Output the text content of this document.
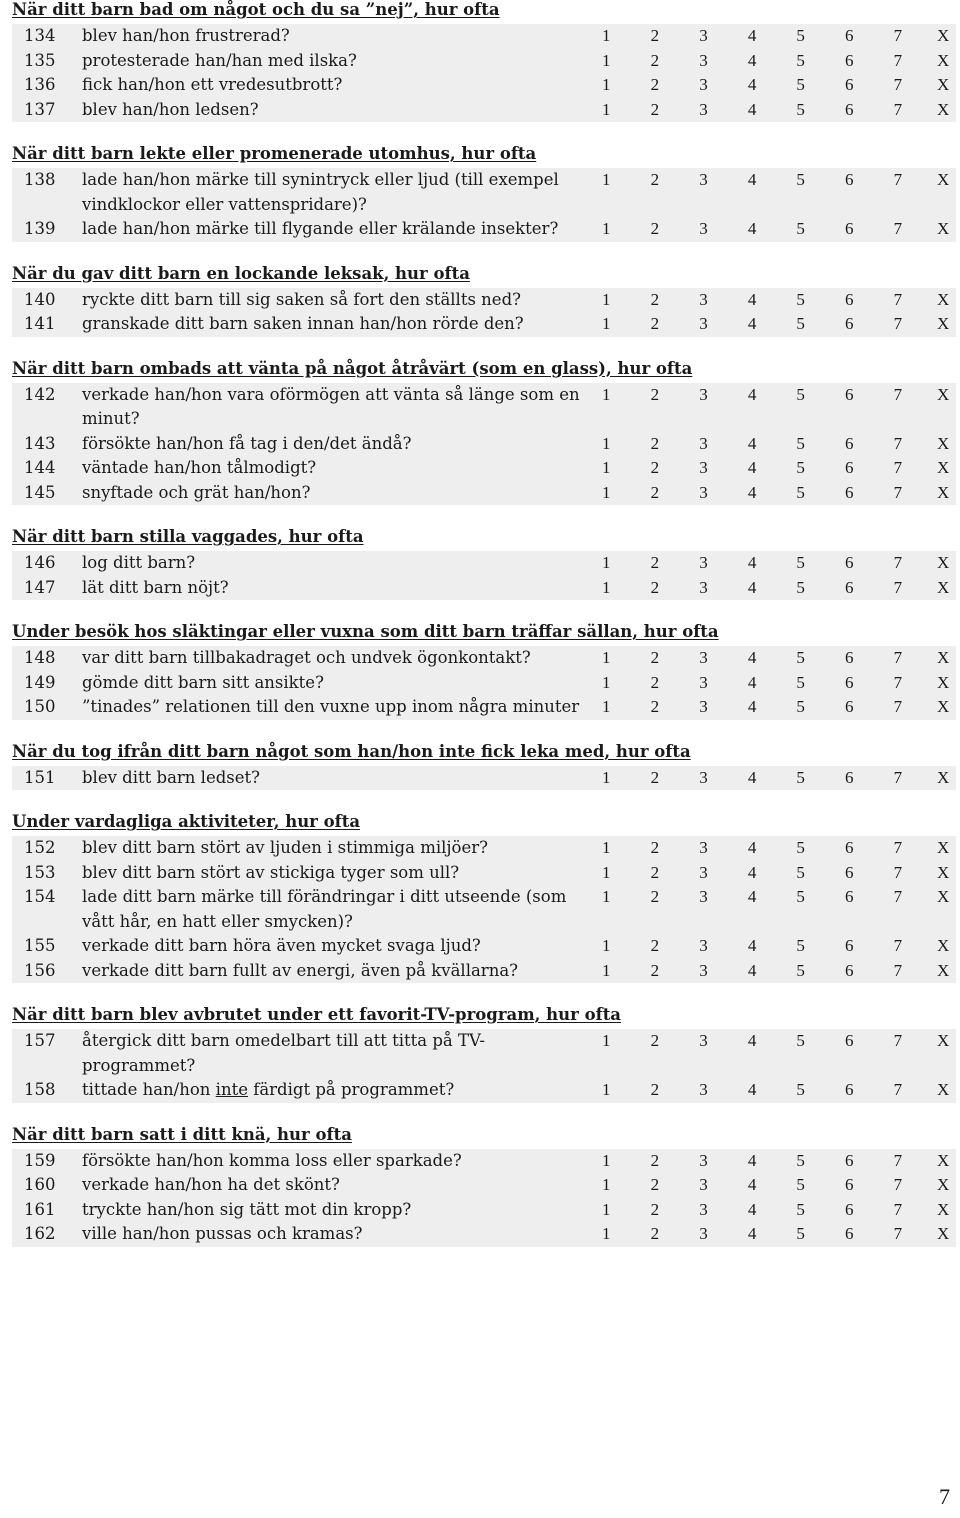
När ditt barn bad om något och du sa ”nej”, hur ofta
134	blev han/hon frustrerad?	1	2	3	4	5	6	7	X
135	protesterade han/han med ilska?	1	2	3	4	5	6	7	X
136	fick han/hon ett vredesutbrott?	1	2	3	4	5	6	7	X
137	blev han/hon ledsen?	1	2	3	4	5	6	7	X
När ditt barn lekte eller promenerade utomhus, hur ofta
138	lade han/hon märke till synintryck eller ljud (till exempel vindklockor eller vattenspridare)?
1	2	3	4	5	6	7	X
139	lade han/hon märke till flygande eller krälande insekter?	1	2	3	4	5	6	7	X
När du gav ditt barn en lockande leksak, hur ofta
140	ryckte ditt barn till sig saken så fort den ställts ned?	1	2	3	4	5	6	7	X
141	granskade ditt barn saken innan han/hon rörde den?	1	2	3	4	5	6	7	X
När ditt barn ombads att vänta på något åtråvärt (som en glass), hur ofta
142	verkade han/hon vara oförmögen att vänta så länge som en minut?
1	2	3	4	5	6	7	X
143	försökte han/hon få tag i den/det ändå?	1	2	3	4	5	6	7	X
144	väntade han/hon tålmodigt?	1	2	3	4	5	6	7	X
145	snyftade och grät han/hon?	1	2	3	4	5	6	7	X
När ditt barn stilla vaggades, hur ofta
146	log ditt barn?	1	2	3	4	5	6	7	X
147	lät ditt barn nöjt?	1	2	3	4	5	6	7	X
Under besök hos släktingar eller vuxna som ditt barn träffar sällan, hur ofta
148	var ditt barn tillbakadraget och undvek ögonkontakt?	1	2	3	4	5	6	7	X
149	gömde ditt barn sitt ansikte?	1	2	3	4	5	6	7	X
150	”tinades” relationen till den vuxne upp inom några minuter	1	2	3	4	5	6	7	X
När du tog ifrån ditt barn något som han/hon inte fick leka med, hur ofta
151	blev ditt barn ledset?	1	2	3	4	5	6	7	X
Under vardagliga aktiviteter, hur ofta
152	blev ditt barn stört av ljuden i stimmiga miljöer?	1	2	3	4	5	6	7	X
153	blev ditt barn stört av stickiga tyger som ull?	1	2	3	4	5	6	7	X
154	lade ditt barn märke till förändringar i ditt utseende (som vått hår, en hatt eller smycken)?
1	2	3	4	5	6	7	X
155	verkade ditt barn höra även mycket svaga ljud?	1	2	3	4	5	6	7	X
156	verkade ditt barn fullt av energi, även på kvällarna?	1	2	3	4	5	6	7	X
När ditt barn blev avbrutet under ett favorit-TV-program, hur ofta
157	återgick ditt barn omedelbart till att titta på TV-programmet?
1	2	3	4	5	6	7	X
158	tittade han/hon inte färdigt på programmet?	1	2	3	4	5	6	7	X
När ditt barn satt i ditt knä, hur ofta
159	försökte han/hon komma loss eller sparkade?	1	2	3	4	5	6	7	X
160	verkade han/hon ha det skönt?	1	2	3	4	5	6	7	X
161	tryckte han/hon sig tätt mot din kropp?	1	2	3	4	5	6	7	X
162	ville han/hon pussas och kramas?	1	2	3	4	5	6	7	X
7
